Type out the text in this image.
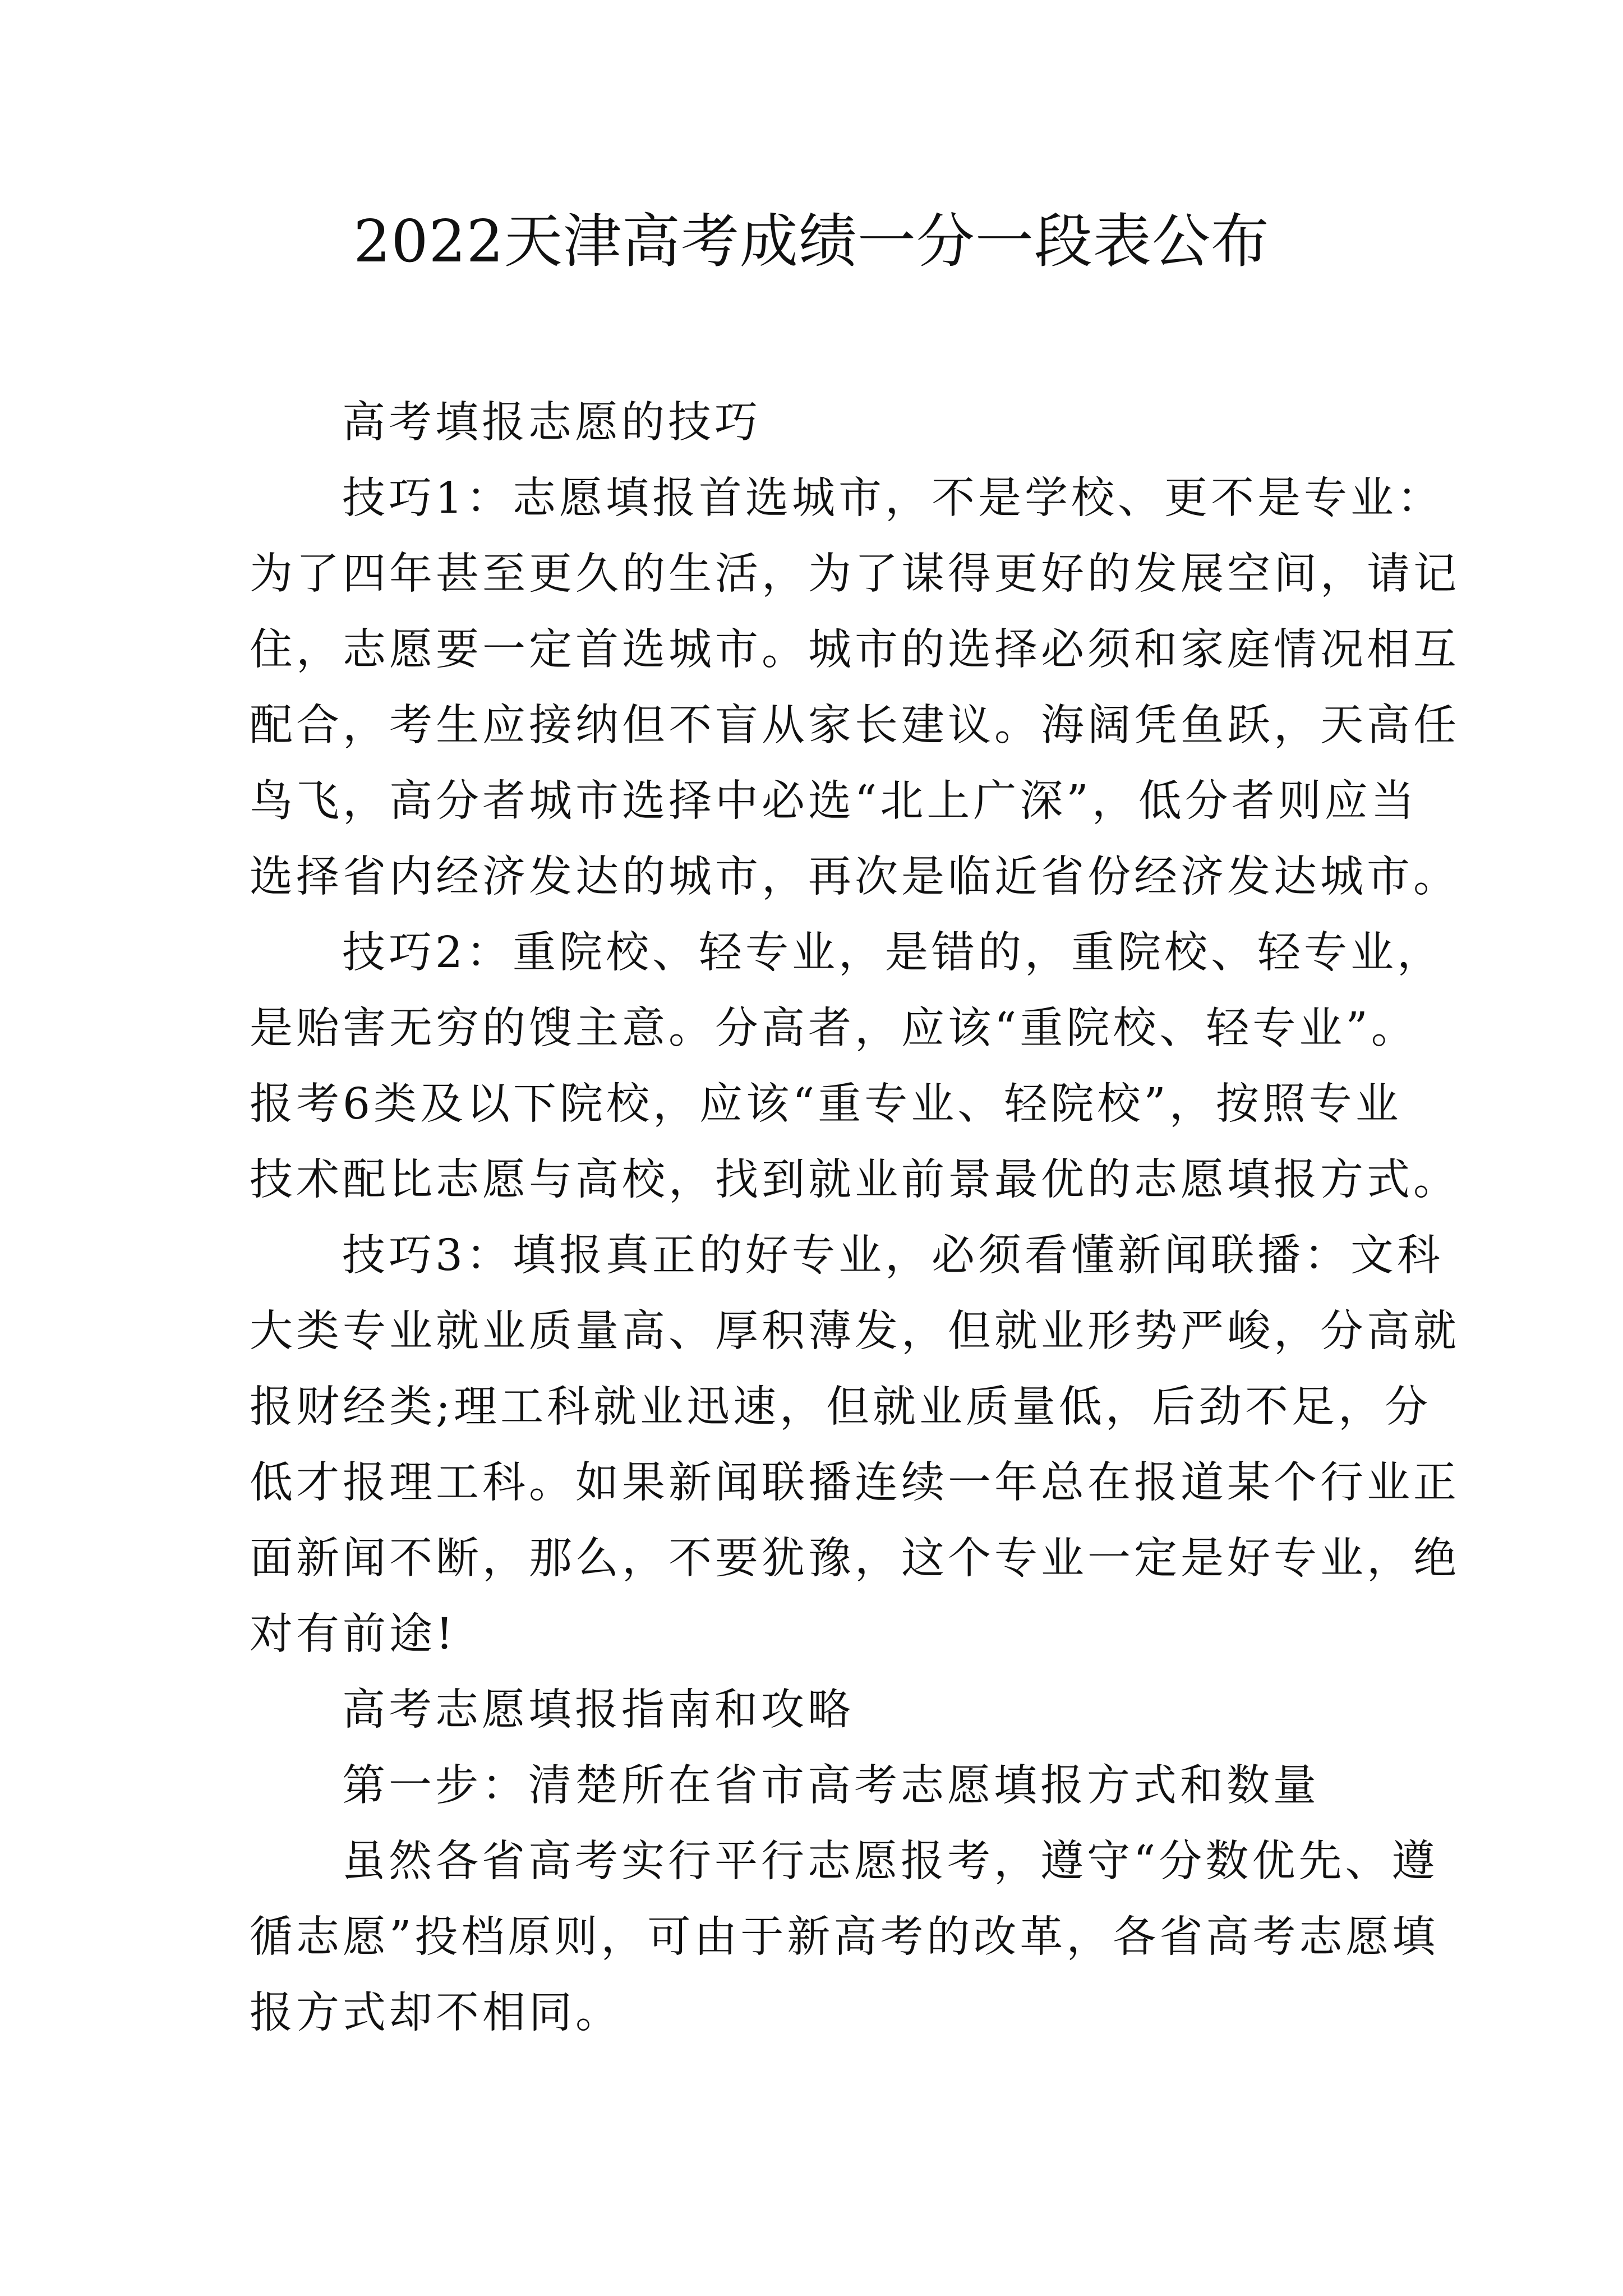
2022天津高考成绩一分一段表公布
高考填报志愿的技巧
技巧1：志愿填报首选城市，不是学校、更不是专业：
为了四年甚至更久的生活，为了谋得更好的发展空间，请记
住，志愿要一定首选城市。城市的选择必须和家庭情况相互
配合，考生应接纳但不盲从家长建议。海阔凭鱼跃，天高任
鸟飞，高分者城市选择中必选“北上广深”，低分者则应当
选择省内经济发达的城市，再次是临近省份经济发达城市。
技巧2：重院校、轻专业，是错的，重院校、轻专业，
是贻害无穷的馊主意。分高者，应该“重院校、轻专业”。
报考6类及以下院校，应该“重专业、轻院校”，按照专业
技术配比志愿与高校，找到就业前景最优的志愿填报方式。
技巧3：填报真正的好专业，必须看懂新闻联播：文科
大类专业就业质量高、厚积薄发，但就业形势严峻，分高就
报财经类;理工科就业迅速，但就业质量低，后劲不足，分
低才报理工科。如果新闻联播连续一年总在报道某个行业正
面新闻不断，那么，不要犹豫，这个专业一定是好专业，绝
对有前途!
高考志愿填报指南和攻略
第一步：清楚所在省市高考志愿填报方式和数量
虽然各省高考实行平行志愿报考，遵守“分数优先、遵
循志愿”投档原则，可由于新高考的改革，各省高考志愿填
报方式却不相同。
